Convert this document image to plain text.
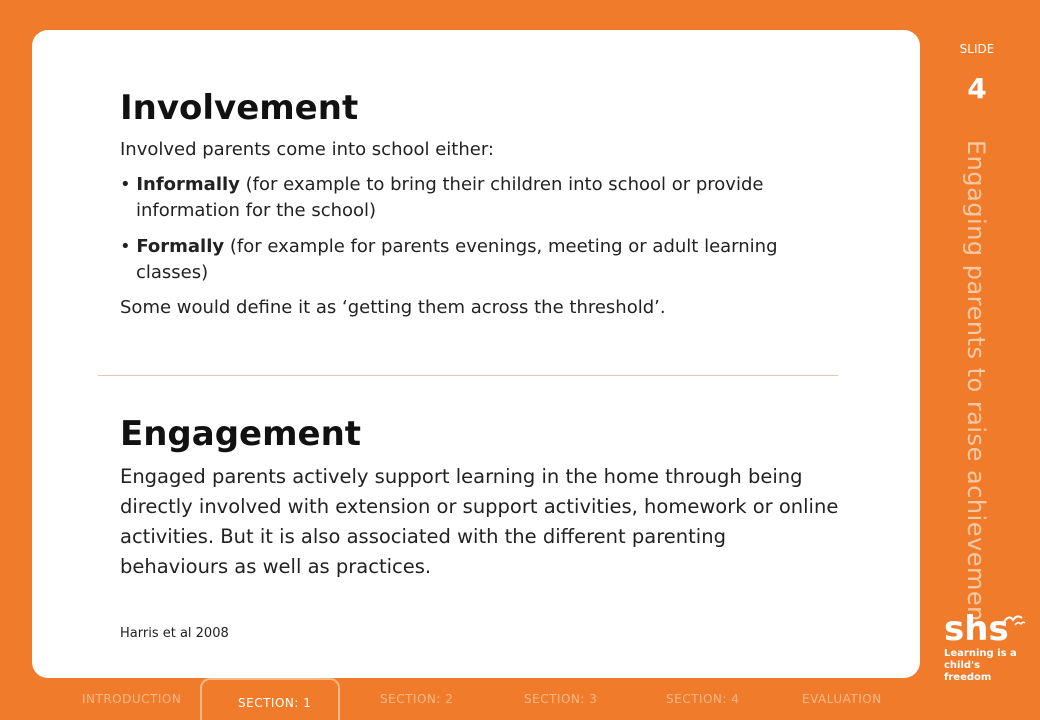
Involvement
Involved parents come into school either:
• Informally (for example to bring their children into school or provide information for the school)
• Formally (for example for parents evenings, meeting or adult learning classes)
Some would define it as ‘getting them across the threshold’.
Engagement
Engaged parents actively support learning in the home through being directly involved with extension or support activities, homework or online activities. But it is also associated with the different parenting behaviours as well as practices.
Harris et al 2008
SLIDE
4
Engaging parents to raise achievement
shs
Learning is a
child's freedom
INTRODUCTION	SECTION: 1	SECTION: 2	SECTION: 3	SECTION: 4	EVALUATION
